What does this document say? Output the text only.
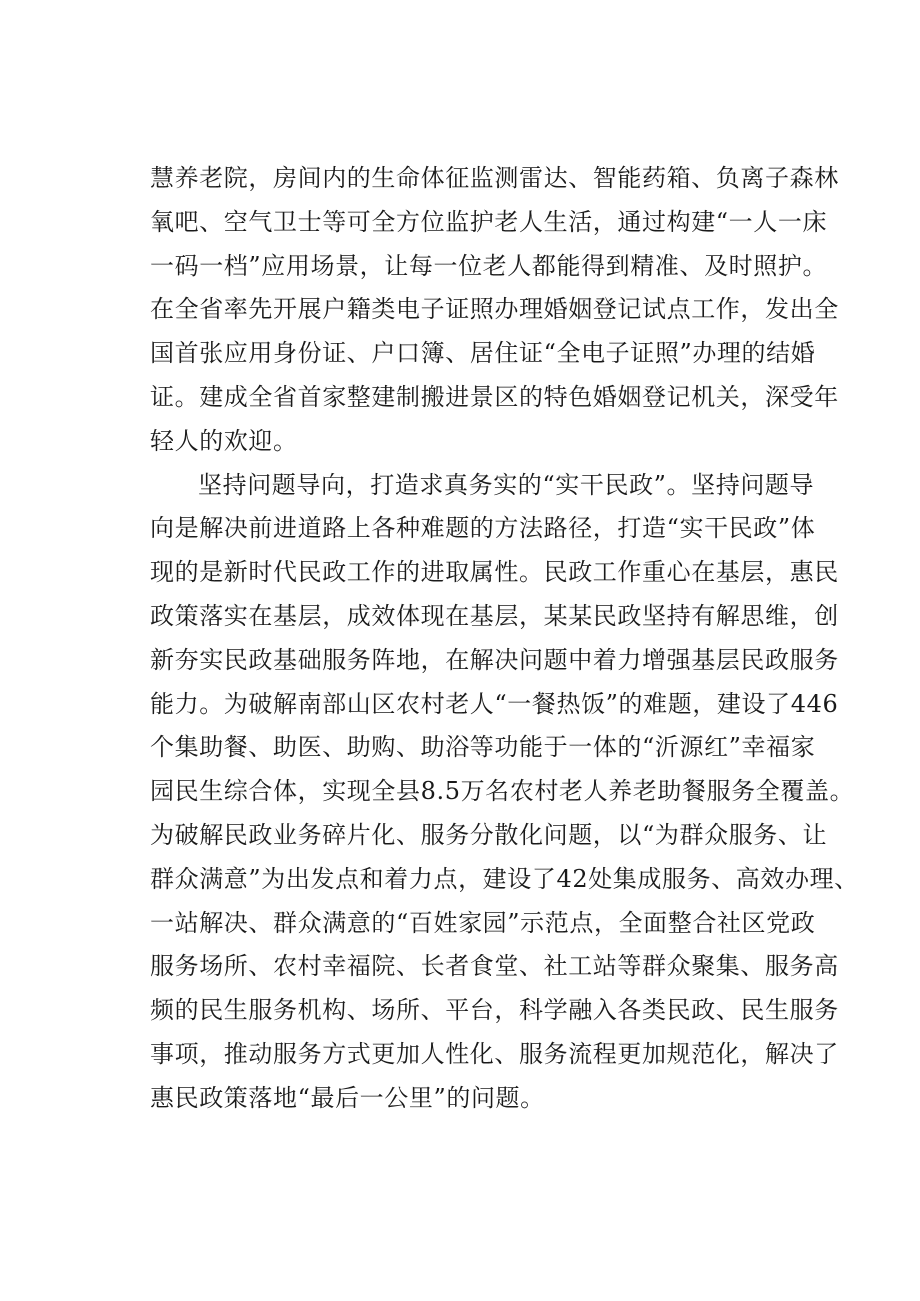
慧养老院，房间内的生命体征监测雷达、智能药箱、负离子森林
氧吧、空气卫士等可全方位监护老人生活，通过构建“一人一床
一码一档”应用场景，让每一位老人都能得到精准、及时照护。
在全省率先开展户籍类电子证照办理婚姻登记试点工作，发出全
国首张应用身份证、户口簿、居住证“全电子证照”办理的结婚
证。建成全省首家整建制搬进景区的特色婚姻登记机关，深受年
轻人的欢迎。
坚持问题导向，打造求真务实的“实干民政”。坚持问题导
向是解决前进道路上各种难题的方法路径，打造“实干民政”体
现的是新时代民政工作的进取属性。民政工作重心在基层，惠民
政策落实在基层，成效体现在基层，某某民政坚持有解思维，创
新夯实民政基础服务阵地，在解决问题中着力增强基层民政服务
能力。为破解南部山区农村老人“一餐热饭”的难题，建设了446
个集助餐、助医、助购、助浴等功能于一体的“沂源红”幸福家
园民生综合体，实现全县8.5万名农村老人养老助餐服务全覆盖。
为破解民政业务碎片化、服务分散化问题，以“为群众服务、让
群众满意”为出发点和着力点，建设了42处集成服务、高效办理、
一站解决、群众满意的“百姓家园”示范点，全面整合社区党政
服务场所、农村幸福院、长者食堂、社工站等群众聚集、服务高
频的民生服务机构、场所、平台，科学融入各类民政、民生服务
事项，推动服务方式更加人性化、服务流程更加规范化，解决了
惠民政策落地“最后一公里”的问题。
